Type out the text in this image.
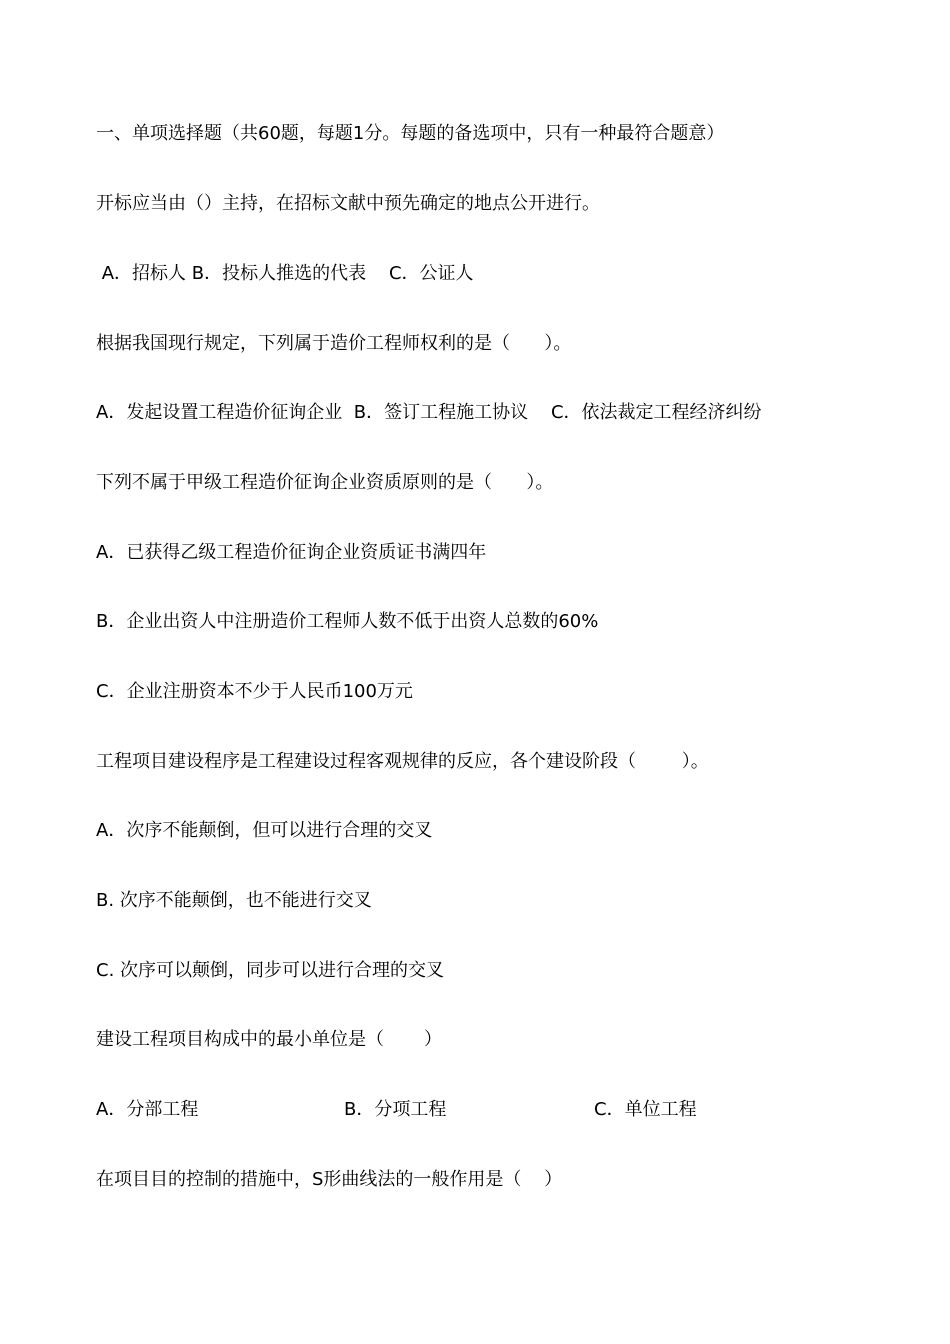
一、单项选择题（共60题，每题1分。每题的备选项中，只有一种最符合题意）
开标应当由（）主持，在招标文献中预先确定的地点公开进行。
A．招标人 B．投标人推选的代表    C．公证人
根据我国现行规定，下列属于造价工程师权利的是（      ）。
A．发起设置工程造价征询企业  B．签订工程施工协议    C．依法裁定工程经济纠纷
下列不属于甲级工程造价征询企业资质原则的是（      ）。
A．已获得乙级工程造价征询企业资质证书满四年
B．企业出资人中注册造价工程师人数不低于出资人总数的60%
C．企业注册资本不少于人民币100万元
工程项目建设程序是工程建设过程客观规律的反应，各个建设阶段（        ）。
A．次序不能颠倒，但可以进行合理的交叉
B. 次序不能颠倒，也不能进行交叉
C. 次序可以颠倒，同步可以进行合理的交叉
建设工程项目构成中的最小单位是（       ）
A．分部工程	B．分项工程	C．单位工程
在项目目的控制的措施中，S形曲线法的一般作用是（    ）
